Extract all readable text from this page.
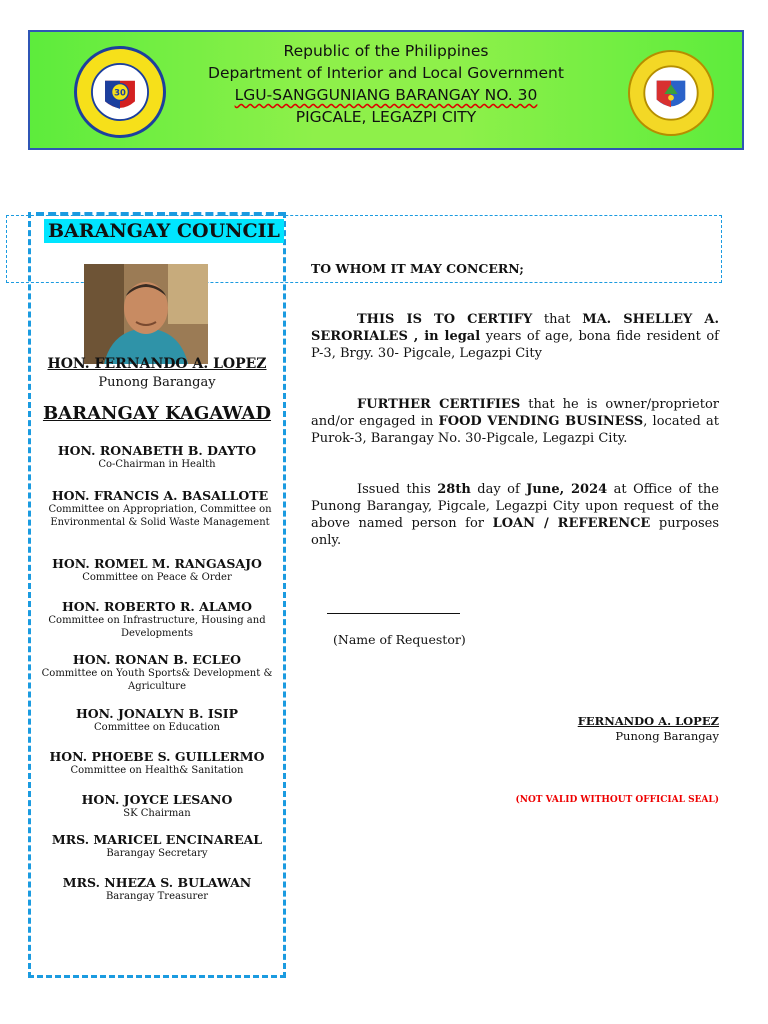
30
Republic of the Philippines
Department of Interior and Local Government
LGU-SANGGUNIANG BARANGAY NO. 30
PIGCALE, LEGAZPI CITY
BARANGAY COUNCIL
HON. FERNANDO A. LOPEZ
Punong Barangay
BARANGAY KAGAWAD
HON. RONABETH B. DAYTO
Co-Chairman in Health
HON. FRANCIS A. BASALLOTE
Committee on Appropriation, Committee on Environmental & Solid Waste Management
HON. ROMEL M. RANGASAJO
Committee on Peace & Order
HON. ROBERTO R. ALAMO
Committee on Infrastructure, Housing and Developments
HON. RONAN B. ECLEO
Committee on Youth Sports& Development & Agriculture
HON. JONALYN B. ISIP
Committee on Education
HON. PHOEBE S. GUILLERMO
Committee on Health& Sanitation
HON. JOYCE LESANO
SK Chairman
MRS. MARICEL ENCINAREAL
Barangay Secretary
MRS. NHEZA S. BULAWAN
Barangay Treasurer
TO WHOM IT MAY CONCERN;

THIS IS TO CERTIFY that MA. SHELLEY A. SERORIALES , in legal years of age, bona fide resident of P-3, Brgy. 30- Pigcale, Legazpi City

FURTHER CERTIFIES that he is owner/proprietor and/or engaged in FOOD VENDING BUSINESS, located at Purok-3, Barangay No. 30-Pigcale, Legazpi City.

Issued this 28th day of June, 2024 at Office of the Punong Barangay, Pigcale, Legazpi City upon request of the above named person for LOAN / REFERENCE purposes only.

(Name of Requestor)
FERNANDO A. LOPEZ
Punong Barangay
(NOT VALID WITHOUT OFFICIAL SEAL)
